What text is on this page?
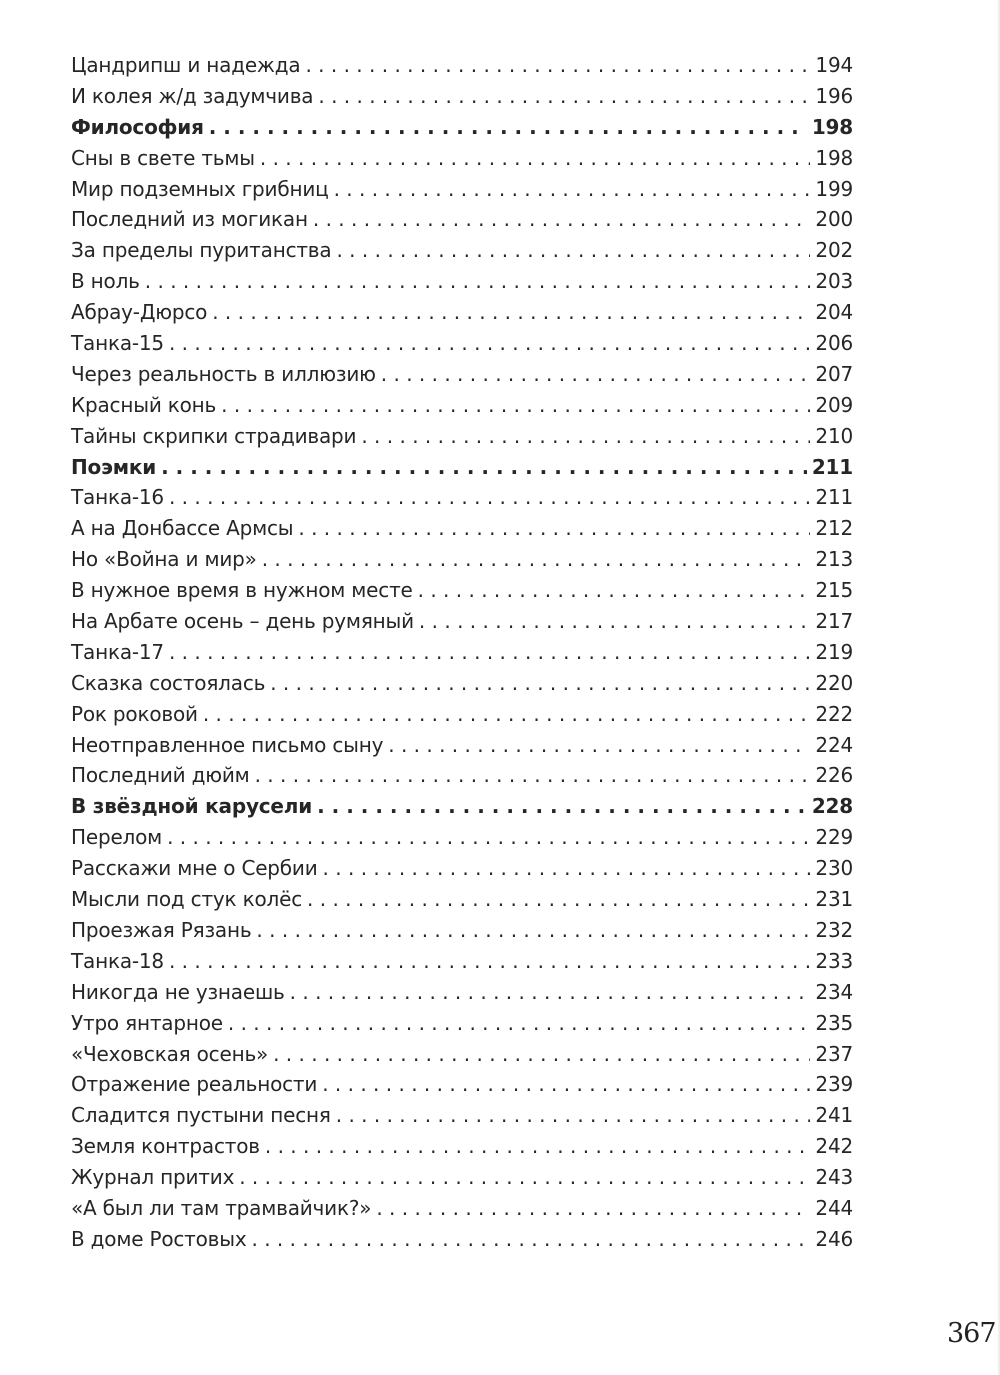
Цандрипш и надежда . . .	194
И колея ж/д задумчива . . .	196
Философия . . .	198
Сны в свете тьмы . . .	198
Мир подземных грибниц . . .	199
Последний из могикан . . .	200
За пределы пуританства . . .	202
В ноль . . .	203
Абрау-Дюрсо . . .	204
Танка-15 . . .	206
Через реальность в иллюзию . . .	207
Красный конь . . .	209
Тайны скрипки страдивари . . .	210
Поэмки . . .	211
Танка-16 . . .	211
А на Донбассе Армсы . . .	212
Но «Война и мир» . . .	213
В нужное время в нужном месте . . .	215
На Арбате осень – день румяный . . .	217
Танка-17 . . .	219
Сказка состоялась . . .	220
Рок роковой . . .	222
Неотправленное письмо сыну . . .	224
Последний дюйм . . .	226
В звёздной карусели . . .	228
Перелом . . .	229
Расскажи мне о Сербии . . .	230
Мысли под стук колёс . . .	231
Проезжая Рязань . . .	232
Танка-18 . . .	233
Никогда не узнаешь . . .	234
Утро янтарное . . .	235
«Чеховская осень» . . .	237
Отражение реальности . . .	239
Сладится пустыни песня . . .	241
Земля контрастов . . .	242
Журнал притих . . .	243
«А был ли там трамвайчик?» . . .	244
В доме Ростовых . . .	246
367
